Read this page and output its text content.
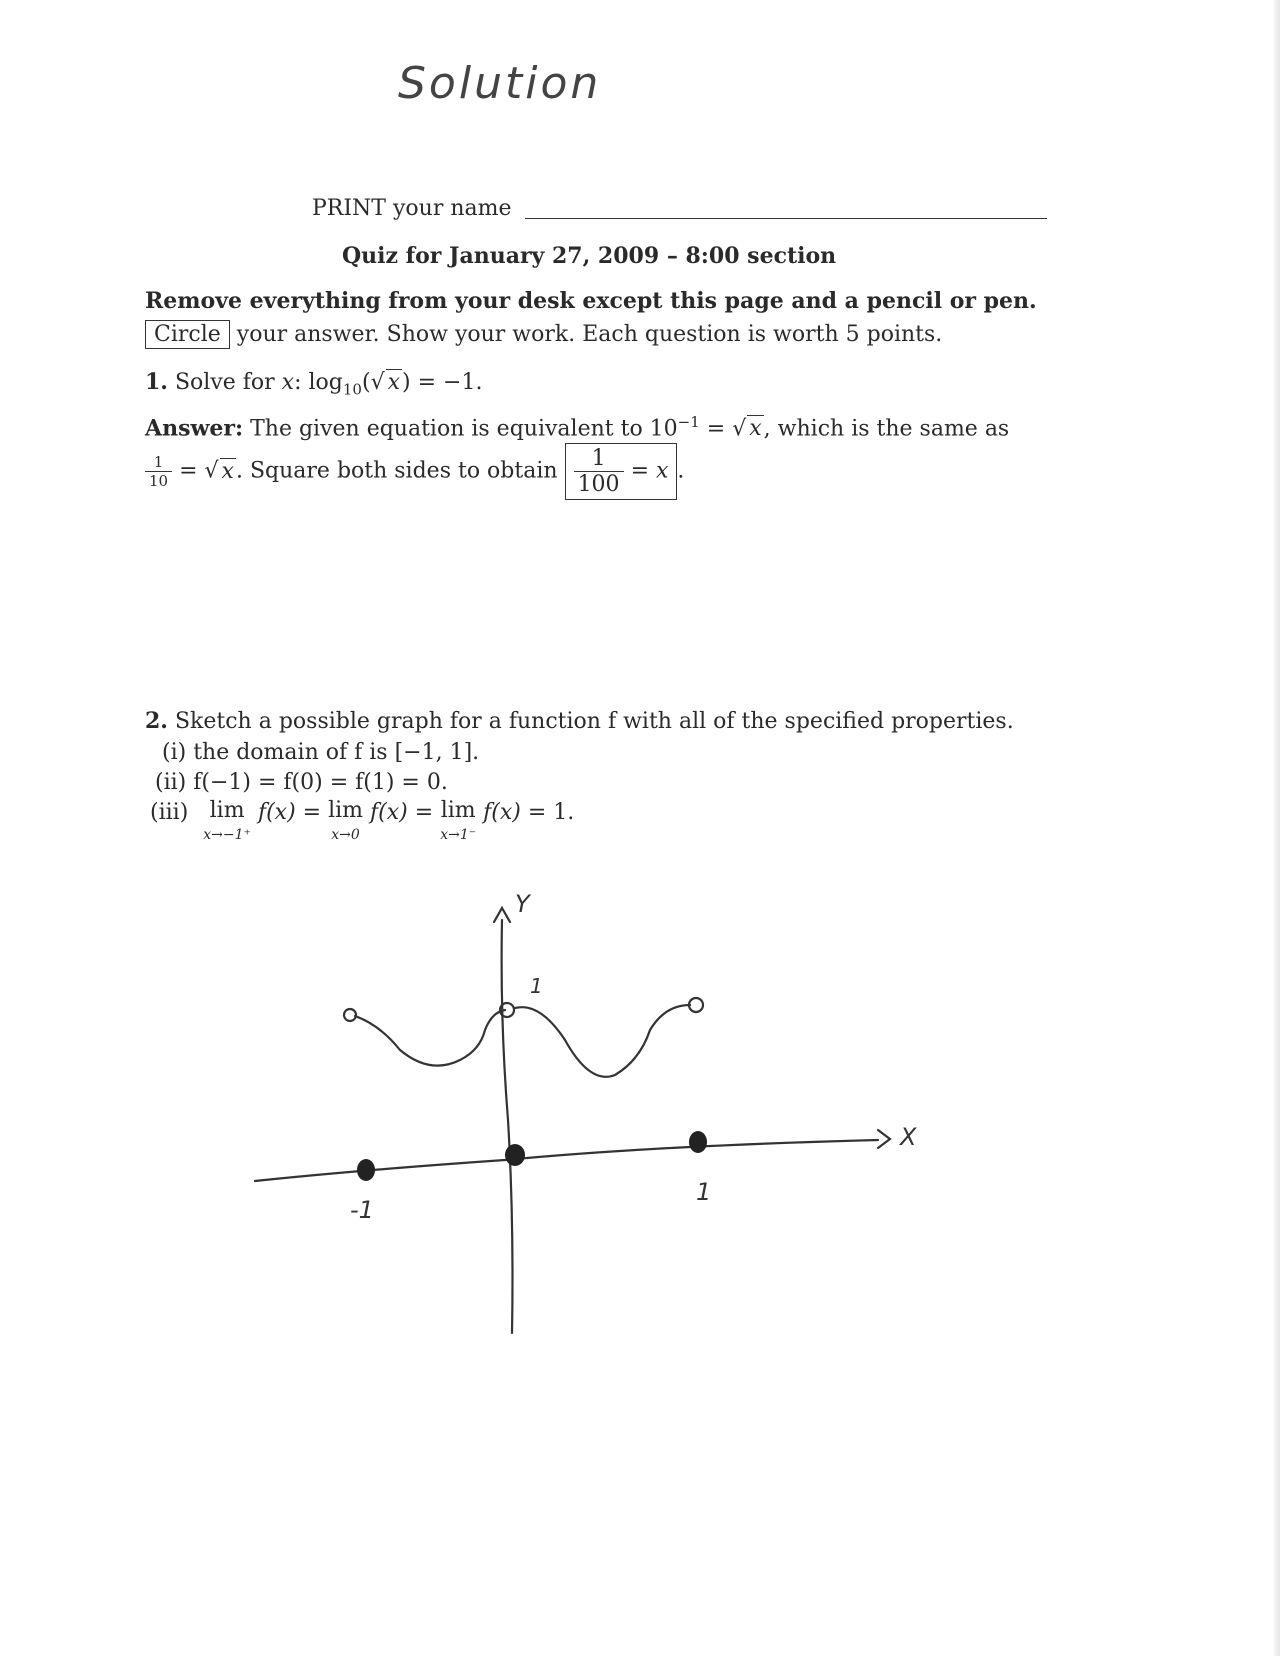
Solution
PRINT your name
Quiz for January 27, 2009 – 8:00 section
Remove everything from your desk except this page and a pencil or pen.
Circle your answer. Show your work. Each question is worth 5 points.
1. Solve for x: $\log_{10}(√$ x) = −1.
Answer: The given equation is equivalent to $10^{-1}$ = √ x, which is the same as
$\frac{1}{10}$ = √ x. Square both sides to obtain $\frac{1}{100} = x$ .
2. Sketch a possible graph for a function f with all of the specified properties.
(i) the domain of f is [−1, 1].
(ii) f(−1) = f(0) = f(1) = 0.
(iii) lim
x→−1⁺
f(x) = lim
x→0
f(x) = lim
x→1⁻
f(x) = 1.
Y
X
-1
1
1
